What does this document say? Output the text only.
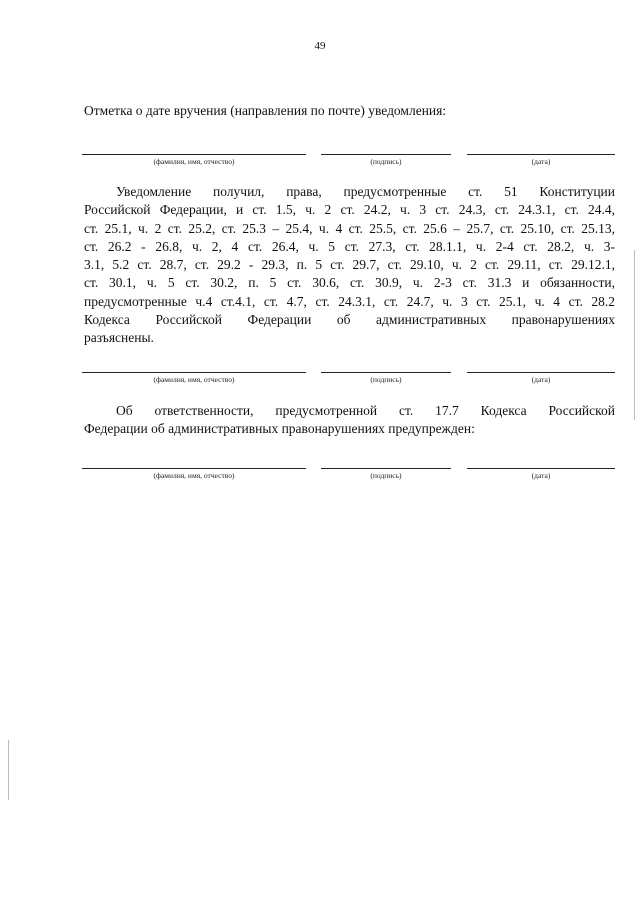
49
Отметка о дате вручения (направления по почте) уведомления:
(фамилия, имя, отчество)	(подпись)	(дата)
Уведомление получил, права, предусмотренные ст. 51 Конституции
Российской Федерации, и ст. 1.5, ч. 2 ст. 24.2, ч. 3 ст. 24.3, ст. 24.3.1, ст. 24.4,
ст. 25.1, ч. 2 ст. 25.2, ст. 25.3 – 25.4, ч. 4 ст. 25.5, ст. 25.6 – 25.7, ст. 25.10, ст. 25.13,
ст. 26.2 - 26.8, ч. 2, 4 ст. 26.4, ч. 5 ст. 27.3, ст. 28.1.1, ч. 2-4 ст. 28.2, ч. 3-
3.1, 5.2 ст. 28.7, ст. 29.2 - 29.3, п. 5 ст. 29.7, ст. 29.10, ч. 2 ст. 29.11, ст. 29.12.1,
ст. 30.1, ч. 5 ст. 30.2, п. 5 ст. 30.6, ст. 30.9, ч. 2-3 ст. 31.3 и обязанности,
предусмотренные ч.4 ст.4.1, ст. 4.7, ст. 24.3.1, ст. 24.7, ч. 3 ст. 25.1, ч. 4 ст. 28.2
Кодекса Российской Федерации об административных правонарушениях
разъяснены.
(фамилия, имя, отчество)	(подпись)	(дата)
Об ответственности, предусмотренной ст. 17.7 Кодекса Российской
Федерации об административных правонарушениях предупрежден:
(фамилия, имя, отчество)	(подпись)	(дата)
